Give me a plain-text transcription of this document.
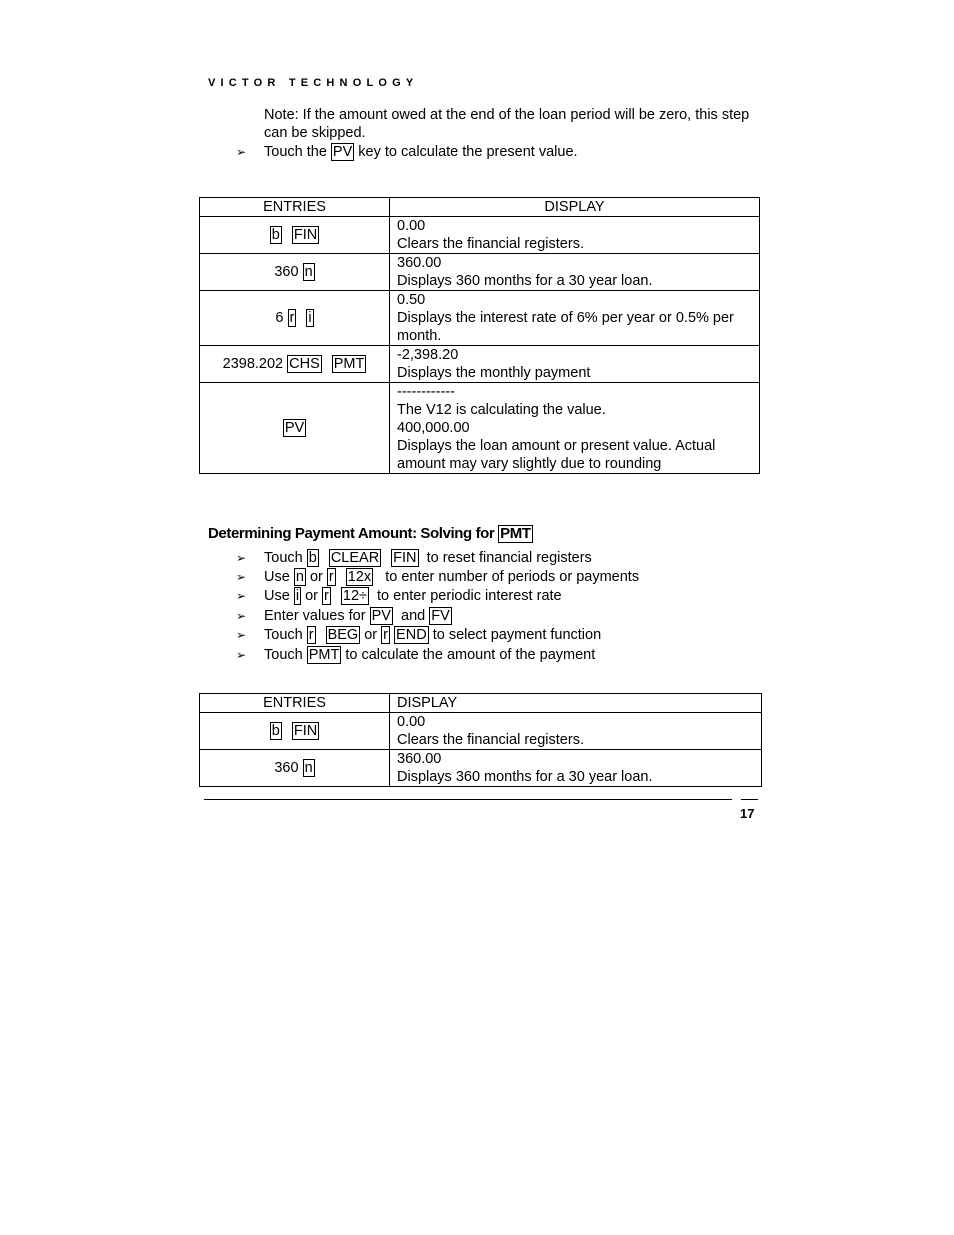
VICTOR TECHNOLOGY
Note: If the amount owed at the end of the loan period will be zero, this step can be skipped.
➢ Touch the PV key to calculate the present value.
ENTRIES	DISPLAY
b FIN	0.00
Clears the financial registers.

360 n	360.00
Displays 360 months for a 30 year loan.

6 r i	0.50
Displays the interest rate of 6% per year or 0.5% per month.

2398.202 CHS PMT	-2,398.20
Displays the monthly payment

PV	------------
The V12 is calculating the value.
400,000.00
Displays the loan amount or present value. Actual amount may vary slightly due to rounding
Determining Payment Amount: Solving for PMT
➢ Touch b CLEAR FIN to reset financial registers
➢ Use n or r 12x to enter number of periods or payments
➢ Use i or r 12÷ to enter periodic interest rate
➢ Enter values for PV and FV
➢ Touch r BEG or r END to select payment function
➢ Touch PMT to calculate the amount of the payment
ENTRIES	DISPLAY
b FIN	0.00
Clears the financial registers.

360 n	360.00
Displays 360 months for a 30 year loan.
17
